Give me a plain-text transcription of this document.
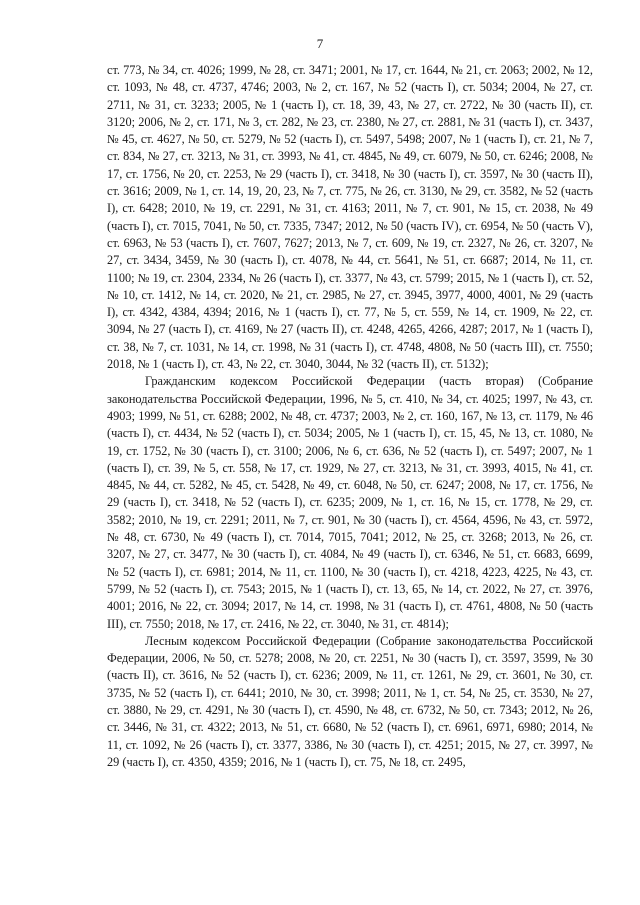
7

ст. 773, № 34, ст. 4026; 1999, № 28, ст. 3471; 2001, № 17, ст. 1644, № 21, ст. 2063; 2002, № 12, ст. 1093, № 48, ст. 4737, 4746; 2003, № 2, ст. 167, № 52 (часть I), ст. 5034; 2004, № 27, ст. 2711, № 31, ст. 3233; 2005, № 1 (часть I), ст. 18, 39, 43, № 27, ст. 2722, № 30 (часть II), ст. 3120; 2006, № 2, ст. 171, № 3, ст. 282, № 23, ст. 2380, № 27, ст. 2881, № 31 (часть I), ст. 3437, № 45, ст. 4627, № 50, ст. 5279, № 52 (часть I), ст. 5497, 5498; 2007, № 1 (часть I), ст. 21, № 7, ст. 834, № 27, ст. 3213, № 31, ст. 3993, № 41, ст. 4845, № 49, ст. 6079, № 50, ст. 6246; 2008, № 17, ст. 1756, № 20, ст. 2253, № 29 (часть I), ст. 3418, № 30 (часть I), ст. 3597, № 30 (часть II), ст. 3616; 2009, № 1, ст. 14, 19, 20, 23, № 7, ст. 775, № 26, ст. 3130, № 29, ст. 3582, № 52 (часть I), ст. 6428; 2010, № 19, ст. 2291, № 31, ст. 4163; 2011, № 7, ст. 901, № 15, ст. 2038, № 49 (часть I), ст. 7015, 7041, № 50, ст. 7335, 7347; 2012, № 50 (часть IV), ст. 6954, № 50 (часть V), ст. 6963, № 53 (часть I), ст. 7607, 7627; 2013, № 7, ст. 609, № 19, ст. 2327, № 26, ст. 3207, № 27, ст. 3434, 3459, № 30 (часть I), ст. 4078, № 44, ст. 5641, № 51, ст. 6687; 2014, № 11, ст. 1100; № 19, ст. 2304, 2334, № 26 (часть I), ст. 3377, № 43, ст. 5799; 2015, № 1 (часть I), ст. 52, № 10, ст. 1412, № 14, ст. 2020, № 21, ст. 2985, № 27, ст. 3945, 3977, 4000, 4001, № 29 (часть I), ст. 4342, 4384, 4394; 2016, № 1 (часть I), ст. 77, № 5, ст. 559, № 14, ст. 1909, № 22, ст. 3094, № 27 (часть I), ст. 4169, № 27 (часть II), ст. 4248, 4265, 4266, 4287; 2017, № 1 (часть I), ст. 38, № 7, ст. 1031, № 14, ст. 1998, № 31 (часть I), ст. 4748, 4808, № 50 (часть III), ст. 7550; 2018, № 1 (часть I), ст. 43, № 22, ст. 3040, 3044, № 32 (часть II), ст. 5132);

Гражданским кодексом Российской Федерации (часть вторая) (Собрание законодательства Российской Федерации, 1996, № 5, ст. 410, № 34, ст. 4025; 1997, № 43, ст. 4903; 1999, № 51, ст. 6288; 2002, № 48, ст. 4737; 2003, № 2, ст. 160, 167, № 13, ст. 1179, № 46 (часть I), ст. 4434, № 52 (часть I), ст. 5034; 2005, № 1 (часть I), ст. 15, 45, № 13, ст. 1080, № 19, ст. 1752, № 30 (часть I), ст. 3100; 2006, № 6, ст. 636, № 52 (часть I), ст. 5497; 2007, № 1 (часть I), ст. 39, № 5, ст. 558, № 17, ст. 1929, № 27, ст. 3213, № 31, ст. 3993, 4015, № 41, ст. 4845, № 44, ст. 5282, № 45, ст. 5428, № 49, ст. 6048, № 50, ст. 6247; 2008, № 17, ст. 1756, № 29 (часть I), ст. 3418, № 52 (часть I), ст. 6235; 2009, № 1, ст. 16, № 15, ст. 1778, № 29, ст. 3582; 2010, № 19, ст. 2291; 2011, № 7, ст. 901, № 30 (часть I), ст. 4564, 4596, № 43, ст. 5972, № 48, ст. 6730, № 49 (часть I), ст. 7014, 7015, 7041; 2012, № 25, ст. 3268; 2013, № 26, ст. 3207, № 27, ст. 3477, № 30 (часть I), ст. 4084, № 49 (часть I), ст. 6346, № 51, ст. 6683, 6699, № 52 (часть I), ст. 6981; 2014, № 11, ст. 1100, № 30 (часть I), ст. 4218, 4223, 4225, № 43, ст. 5799, № 52 (часть I), ст. 7543; 2015, № 1 (часть I), ст. 13, 65, № 14, ст. 2022, № 27, ст. 3976, 4001; 2016, № 22, ст. 3094; 2017, № 14, ст. 1998, № 31 (часть I), ст. 4761, 4808, № 50 (часть III), ст. 7550; 2018, № 17, ст. 2416, № 22, ст. 3040, № 31, ст. 4814);

Лесным кодексом Российской Федерации (Собрание законодательства Российской Федерации, 2006, № 50, ст. 5278; 2008, № 20, ст. 2251, № 30 (часть I), ст. 3597, 3599, № 30 (часть II), ст. 3616, № 52 (часть I), ст. 6236; 2009, № 11, ст. 1261, № 29, ст. 3601, № 30, ст. 3735, № 52 (часть I), ст. 6441; 2010, № 30, ст. 3998; 2011, № 1, ст. 54, № 25, ст. 3530, № 27, ст. 3880, № 29, ст. 4291, № 30 (часть I), ст. 4590, № 48, ст. 6732, № 50, ст. 7343; 2012, № 26, ст. 3446, № 31, ст. 4322; 2013, № 51, ст. 6680, № 52 (часть I), ст. 6961, 6971, 6980; 2014, № 11, ст. 1092, № 26 (часть I), ст. 3377, 3386, № 30 (часть I), ст. 4251; 2015, № 27, ст. 3997, № 29 (часть I), ст. 4350, 4359; 2016, № 1 (часть I), ст. 75, № 18, ст. 2495,
